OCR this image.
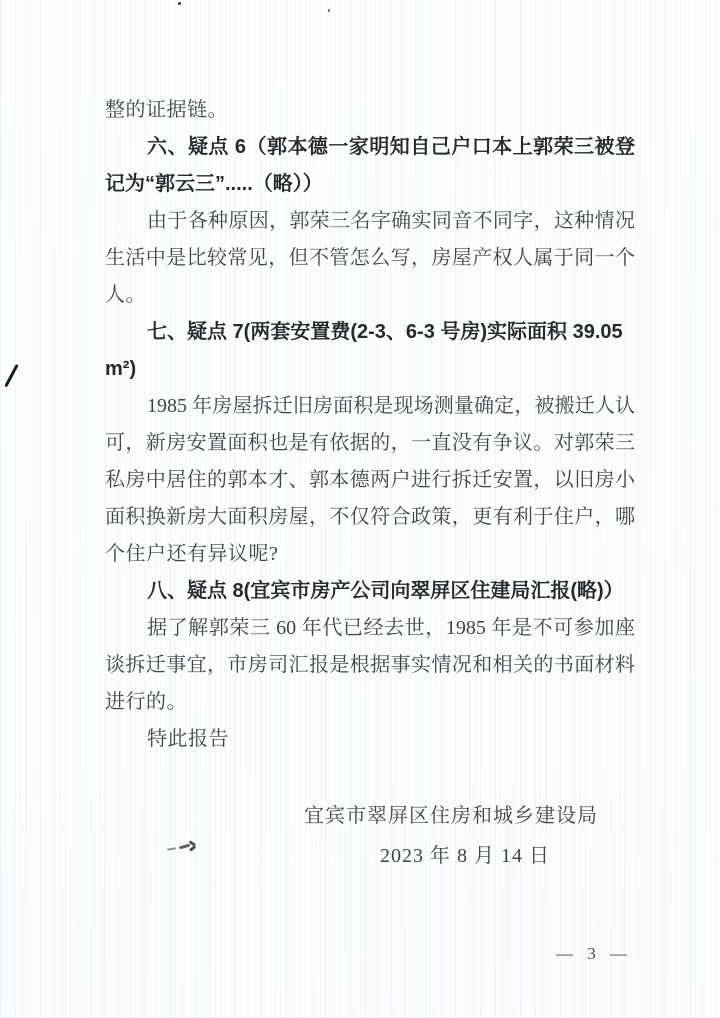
整的证据链。
六、疑点 6（郭本德一家明知自己户口本上郭荣三被登
记为“郭云三”.....（略））
由于各种原因，郭荣三名字确实同音不同字，这种情况
生活中是比较常见，但不管怎么写，房屋产权人属于同一个
人。
七、疑点 7(两套安置费(2-3、6-3 号房)实际面积 39.05
m²)
1985 年房屋拆迁旧房面积是现场测量确定，被搬迁人认
可，新房安置面积也是有依据的，一直没有争议。对郭荣三
私房中居住的郭本才、郭本德两户进行拆迁安置，以旧房小
面积换新房大面积房屋，不仅符合政策，更有利于住户，哪
个住户还有异议呢?
八、疑点 8(宜宾市房产公司向翠屏区住建局汇报(略)）
据了解郭荣三 60 年代已经去世，1985 年是不可参加座
谈拆迁事宜，市房司汇报是根据事实情况和相关的书面材料
进行的。
特此报告
宜宾市翠屏区住房和城乡建设局
2023 年 8 月 14 日
— 3 —
